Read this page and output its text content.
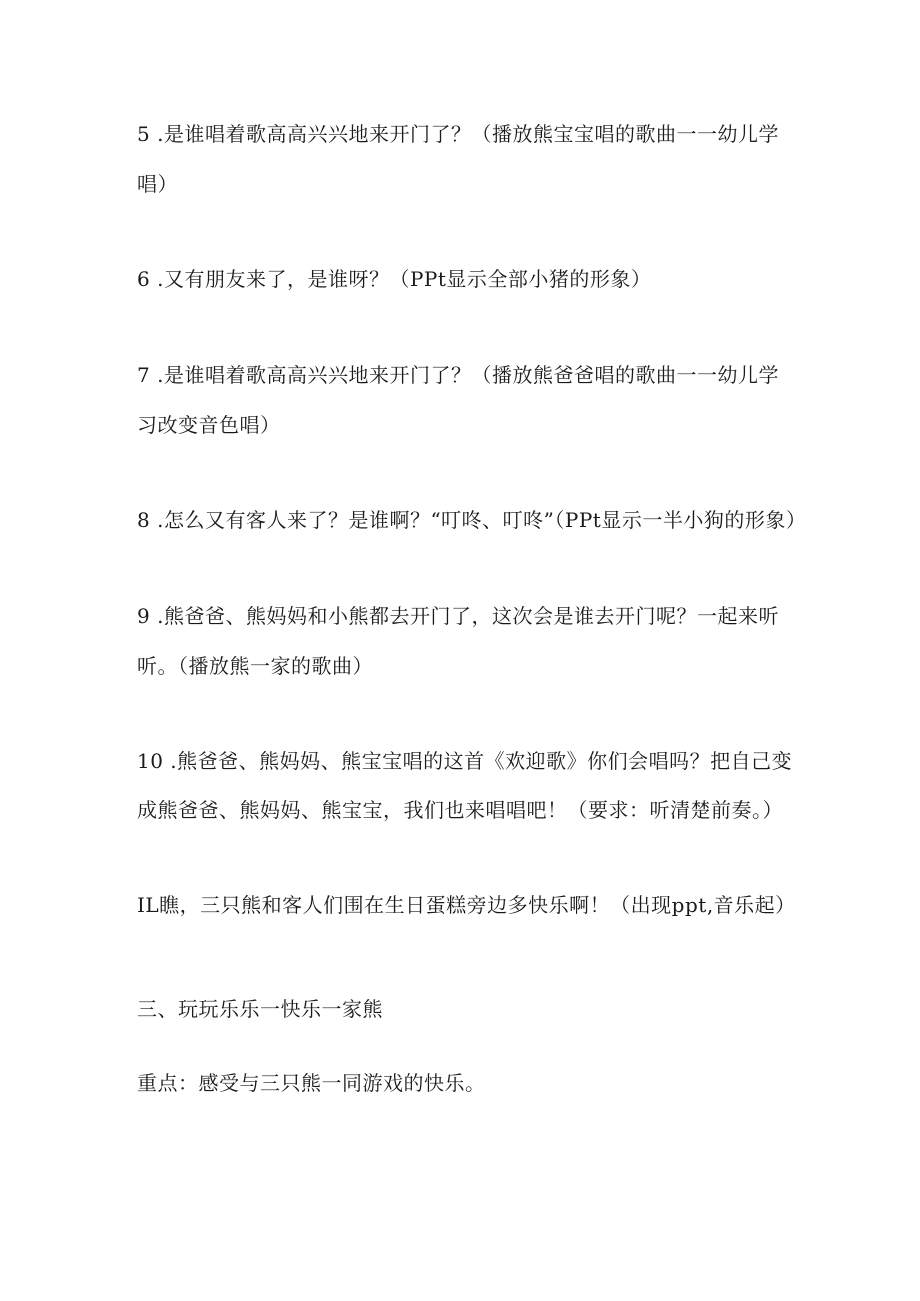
5 .是谁唱着歌高高兴兴地来开门了？（播放熊宝宝唱的歌曲一一幼儿学
唱）
6 .又有朋友来了，是谁呀？（PPt显示全部小猪的形象）
7 .是谁唱着歌高高兴兴地来开门了？（播放熊爸爸唱的歌曲一一幼儿学
习改变音色唱）
8 .怎么又有客人来了？是谁啊？“叮咚、叮咚”（PPt显示一半小狗的形象）
9 .熊爸爸、熊妈妈和小熊都去开门了，这次会是谁去开门呢？一起来听
听。（播放熊一家的歌曲）
10 .熊爸爸、熊妈妈、熊宝宝唱的这首《欢迎歌》你们会唱吗？把自己变
成熊爸爸、熊妈妈、熊宝宝，我们也来唱唱吧！（要求：听清楚前奏。）
IL瞧，三只熊和客人们围在生日蛋糕旁边多快乐啊！（出现ppt,音乐起）
三、玩玩乐乐一快乐一家熊
重点：感受与三只熊一同游戏的快乐。
